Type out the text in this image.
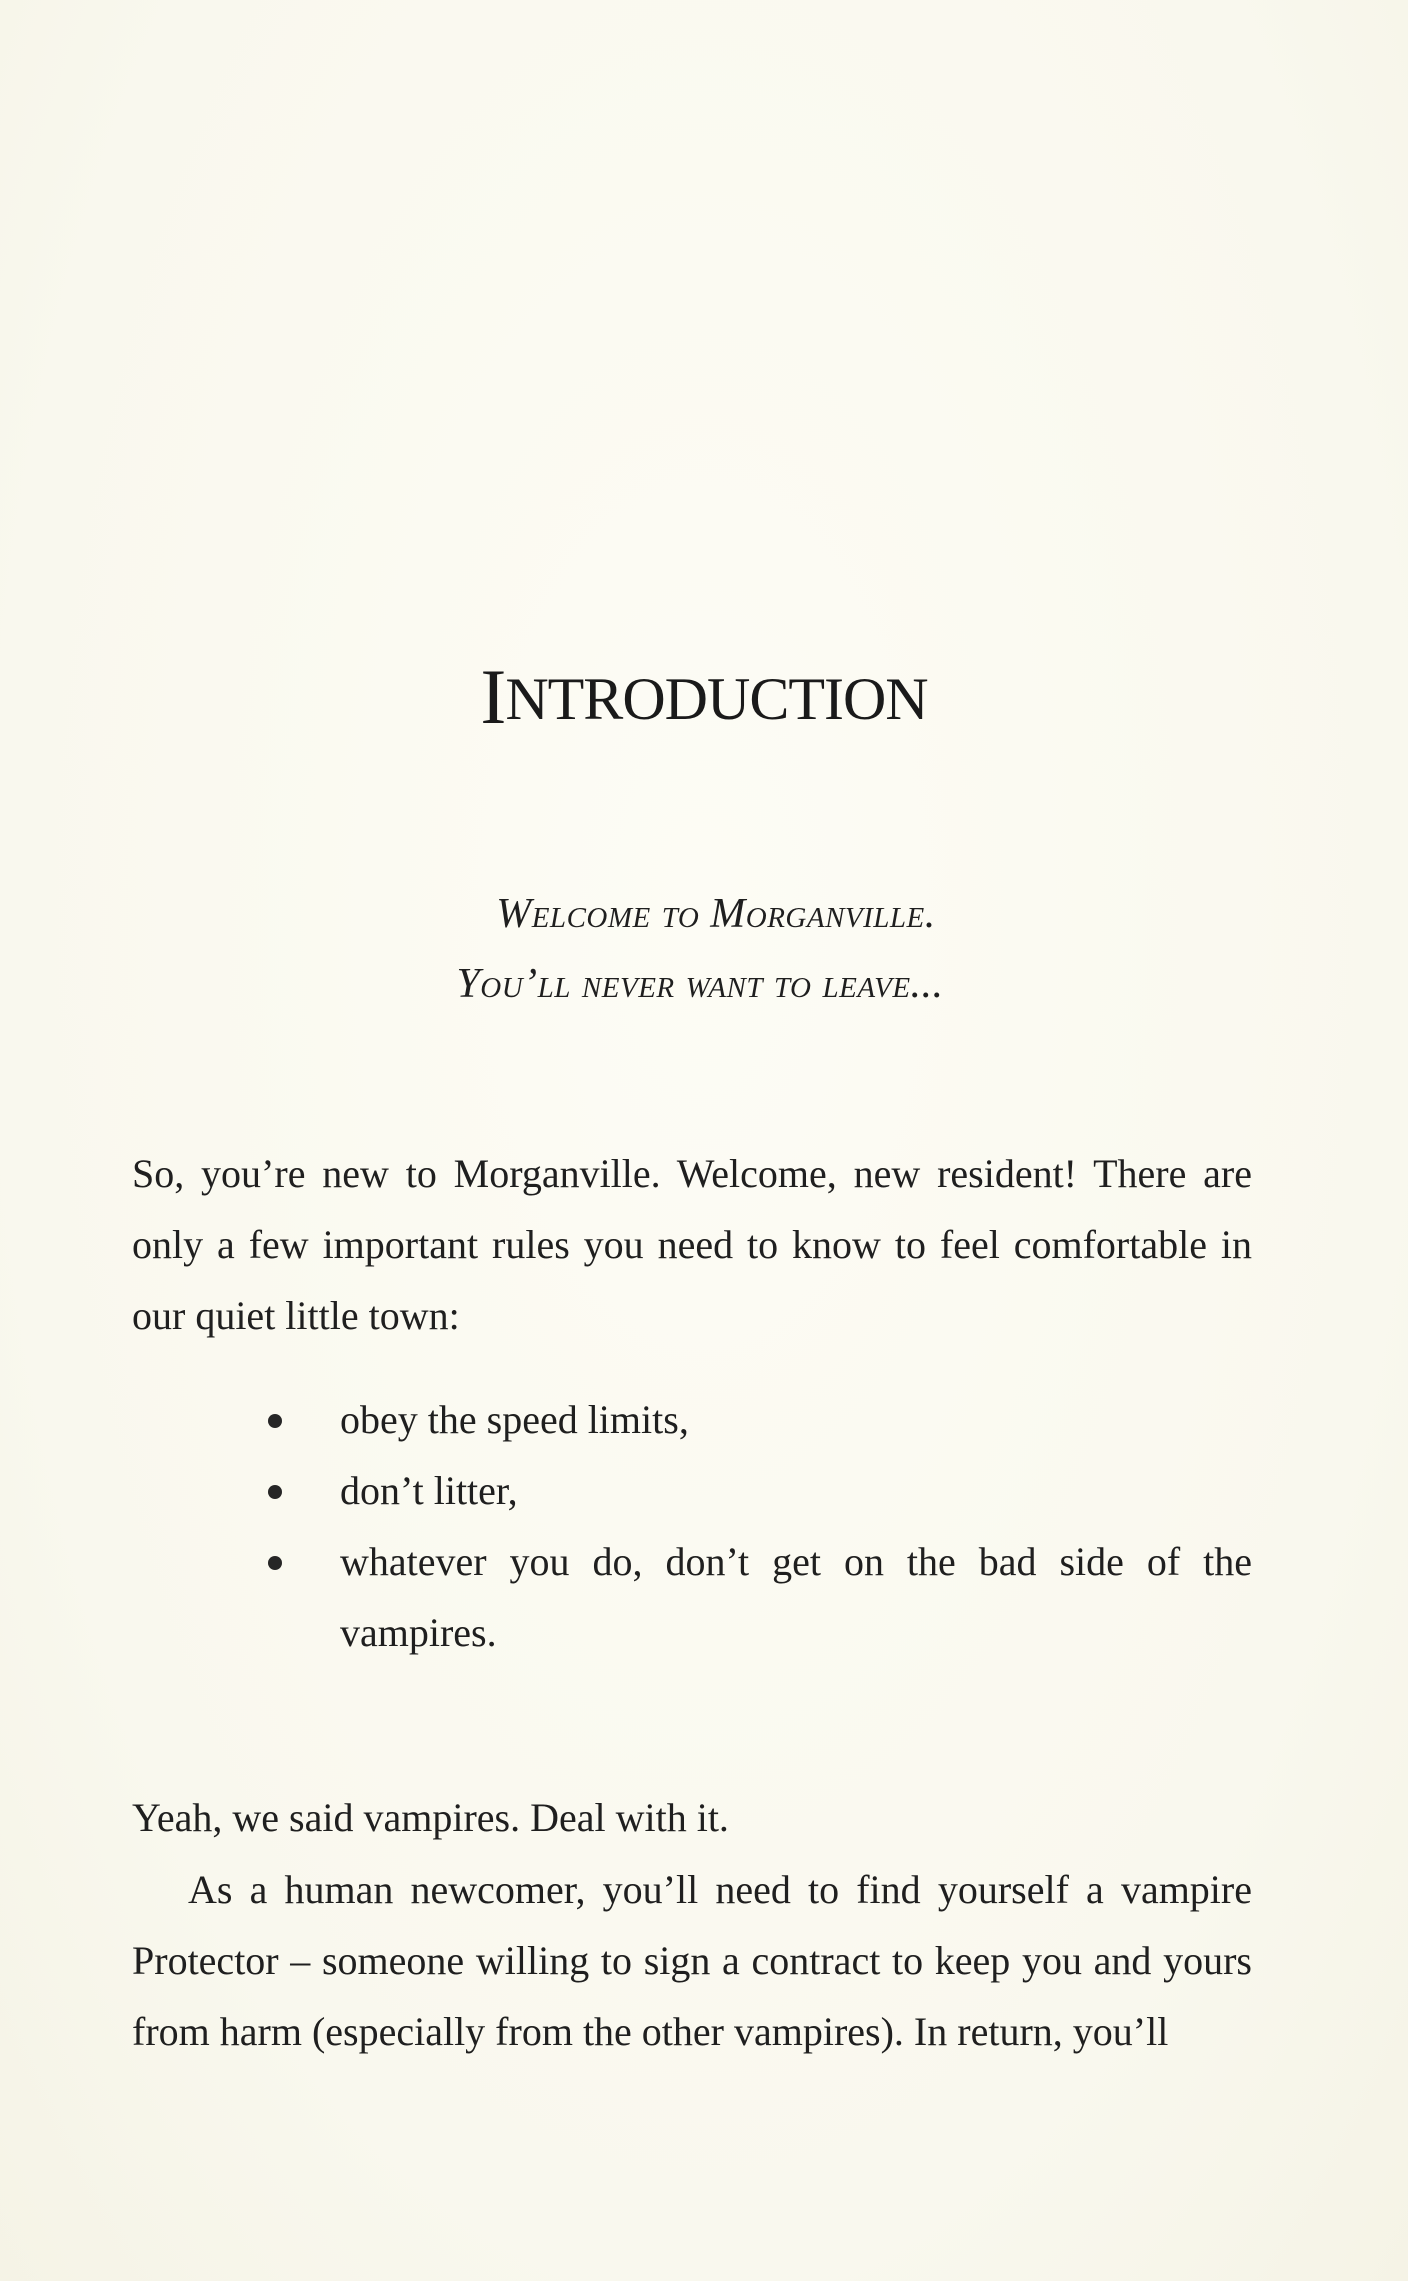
INTRODUCTION
Welcome to Morganville.
You’ll never want to leave...

So, you’re new to Morganville. Welcome, new resident! There are only a few important rules you need to know to feel comfortable in our quiet little town:

obey the speed limits,
don’t litter,
whatever you do, don’t get on the bad side of the vampires.

Yeah, we said vampires. Deal with it.

As a human newcomer, you’ll need to find yourself a vampire Protector – someone willing to sign a contract to keep you and yours from harm (especially from the other vampires). In return, you’ll
